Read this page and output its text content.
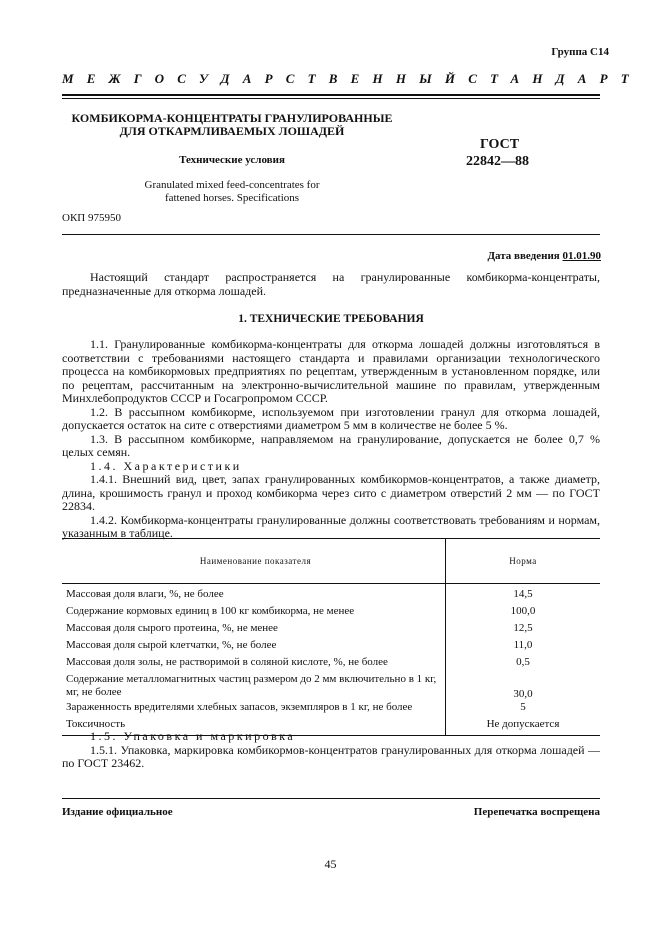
Группа С14
МЕЖГОСУДАРСТВЕННЫЙ СТАНДАРТ
КОМБИКОРМА-КОНЦЕНТРАТЫ ГРАНУЛИРОВАННЫЕ
ДЛЯ ОТКАРМЛИВАЕМЫХ ЛОШАДЕЙ
Технические условия
Granulated mixed feed-concentrates for
fattened horses. Specifications
ГОСТ
22842—88
ОКП 975950
Дата введения 01.01.90

Настоящий стандарт распространяется на гранулированные комбикорма-концентраты, предназначенные для откорма лошадей.

1. ТЕХНИЧЕСКИЕ ТРЕБОВАНИЯ

1.1. Гранулированные комбикорма-концентраты для откорма лошадей должны изготовляться в соответствии с требованиями настоящего стандарта и правилами организации технологического процесса на комбикормовых предприятиях по рецептам, утвержденным в установленном порядке, или по рецептам, рассчитанным на электронно-вычислительной машине по правилам, утвержденным Минхлебопродуктов СССР и Госагропромом СССР.

1.2. В рассыпном комбикорме, используемом при изготовлении гранул для откорма лошадей, допускается остаток на сите с отверстиями диаметром 5 мм в количестве не более 5 %.

1.3. В рассыпном комбикорме, направляемом на гранулирование, допускается не более 0,7 % целых семян.

1.4. Характеристики

1.4.1. Внешний вид, цвет, запах гранулированных комбикормов-концентратов, а также диаметр, длина, крошимость гранул и проход комбикорма через сито с диаметром отверстий 2 мм — по ГОСТ 22834.

1.4.2. Комбикорма-концентраты гранулированные должны соответствовать требованиям и нормам, указанным в таблице.

Наименование показателя	Норма
Массовая доля влаги, %, не более	14,5
Содержание кормовых единиц в 100 кг комбикорма, не менее	100,0
Массовая доля сырого протеина, %, не менее	12,5
Массовая доля сырой клетчатки, %, не более	11,0
Массовая доля золы, не растворимой в соляной кислоте, %, не более	0,5
Содержание металломагнитных частиц размером до 2 мм включительно в 1 кг, мг, не более	30,0
Зараженность вредителями хлебных запасов, экземпляров в 1 кг, не более	5
Токсичность	Не допускается

1.5. Упаковка и маркировка

1.5.1. Упаковка, маркировка комбикормов-концентратов гранулированных для откорма лошадей — по ГОСТ 23462.

Издание официальное	Перепечатка воспрещена
45
